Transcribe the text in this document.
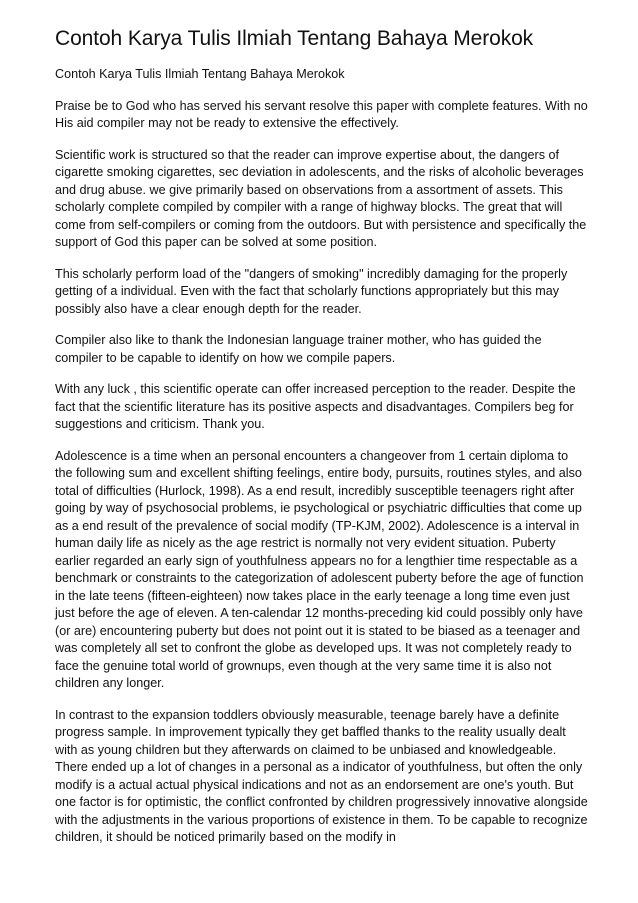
Contoh Karya Tulis Ilmiah Tentang Bahaya Merokok

Contoh Karya Tulis Ilmiah Tentang Bahaya Merokok

Praise be to God who has served his servant resolve this paper with complete features. With no His aid compiler may not be ready to extensive the effectively.

Scientific work is structured so that the reader can improve expertise about, the dangers of cigarette smoking cigarettes, sec deviation in adolescents, and the risks of alcoholic beverages and drug abuse. we give primarily based on observations from a assortment of assets. This scholarly complete compiled by compiler with a range of highway blocks. The great that will come from self-compilers or coming from the outdoors. But with persistence and specifically the support of God this paper can be solved at some position.

This scholarly perform load of the "dangers of smoking" incredibly damaging for the properly getting of a individual. Even with the fact that scholarly functions appropriately but this may possibly also have a clear enough depth for the reader.

Compiler also like to thank the Indonesian language trainer mother, who has guided the compiler to be capable to identify on how we compile papers.

With any luck , this scientific operate can offer increased perception to the reader. Despite the fact that the scientific literature has its positive aspects and disadvantages. Compilers beg for suggestions and criticism. Thank you.

Adolescence is a time when an personal encounters a changeover from 1 certain diploma to the following sum and excellent shifting feelings, entire body, pursuits, routines styles, and also total of difficulties (Hurlock, 1998). As a end result, incredibly susceptible teenagers right after going by way of psychosocial problems, ie psychological or psychiatric difficulties that come up as a end result of the prevalence of social modify (TP-KJM, 2002). Adolescence is a interval in human daily life as nicely as the age restrict is normally not very evident situation. Puberty earlier regarded an early sign of youthfulness appears no for a lengthier time respectable as a benchmark or constraints to the categorization of adolescent puberty before the age of function in the late teens (fifteen-eighteen) now takes place in the early teenage a long time even just just before the age of eleven. A ten-calendar 12 months-preceding kid could possibly only have (or are) encountering puberty but does not point out it is stated to be biased as a teenager and was completely all set to confront the globe as developed ups. It was not completely ready to face the genuine total world of grownups, even though at the very same time it is also not children any longer.

In contrast to the expansion toddlers obviously measurable, teenage barely have a definite progress sample. In improvement typically they get baffled thanks to the reality usually dealt with as young children but they afterwards on claimed to be unbiased and knowledgeable. There ended up a lot of changes in a personal as a indicator of youthfulness, but often the only modify is a actual actual physical indications and not as an endorsement are one's youth. But one factor is for optimistic, the conflict confronted by children progressively innovative alongside with the adjustments in the various proportions of existence in them. To be capable to recognize children, it should be noticed primarily based on the modify in
